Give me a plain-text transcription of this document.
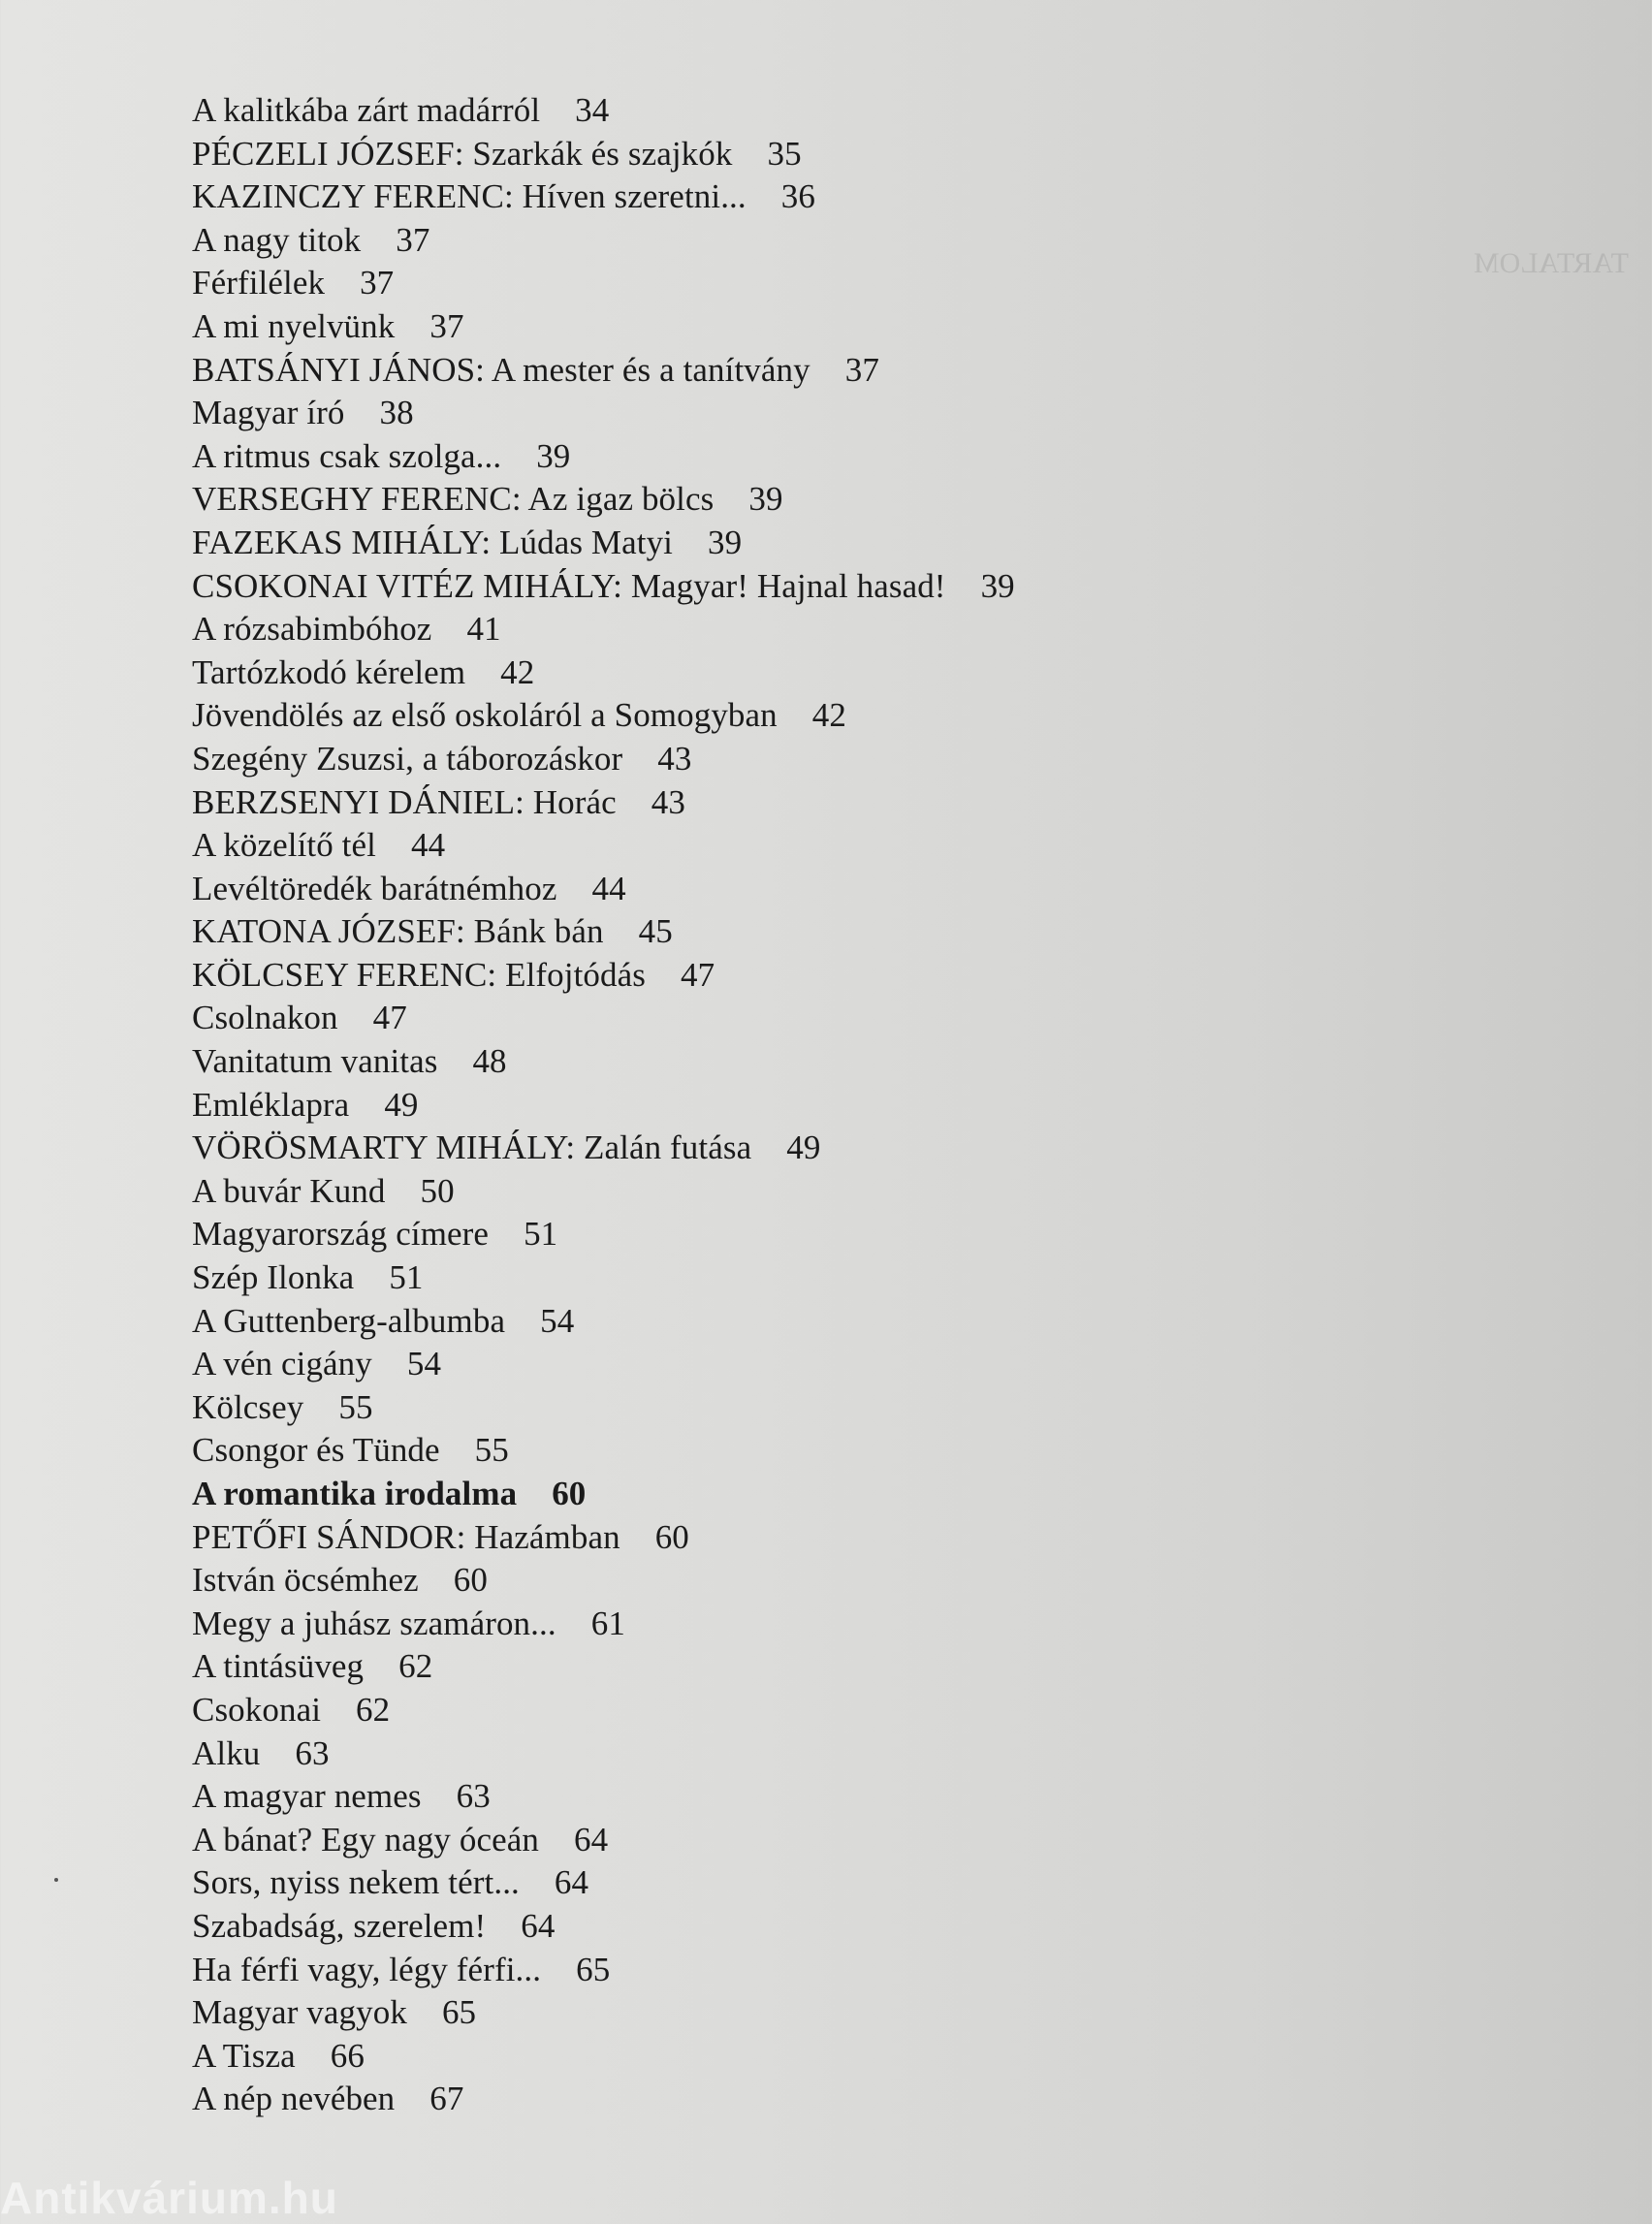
TARTALOM
A kalitkába zárt madárról 34
PÉCZELI JÓZSEF: Szarkák és szajkók 35
KAZINCZY FERENC: Híven szeretni... 36
A nagy titok 37
Férfilélek 37
A mi nyelvünk 37
BATSÁNYI JÁNOS: A mester és a tanítvány 37
Magyar író 38
A ritmus csak szolga... 39
VERSEGHY FERENC: Az igaz bölcs 39
FAZEKAS MIHÁLY: Lúdas Matyi 39
CSOKONAI VITÉZ MIHÁLY: Magyar! Hajnal hasad! 39
A rózsabimbóhoz 41
Tartózkodó kérelem 42
Jövendölés az első oskoláról a Somogyban 42
Szegény Zsuzsi, a táborozáskor 43
BERZSENYI DÁNIEL: Horác 43
A közelítő tél 44
Levéltöredék barátnémhoz 44
KATONA JÓZSEF: Bánk bán 45
KÖLCSEY FERENC: Elfojtódás 47
Csolnakon 47
Vanitatum vanitas 48
Emléklapra 49
VÖRÖSMARTY MIHÁLY: Zalán futása 49
A buvár Kund 50
Magyarország címere 51
Szép Ilonka 51
A Guttenberg-albumba 54
A vén cigány 54
Kölcsey 55
Csongor és Tünde 55
A romantika irodalma 60
PETŐFI SÁNDOR: Hazámban 60
István öcsémhez 60
Megy a juhász szamáron... 61
A tintásüveg 62
Csokonai 62
Alku 63
A magyar nemes 63
A bánat? Egy nagy óceán 64
Sors, nyiss nekem tért... 64
Szabadság, szerelem! 64
Ha férfi vagy, légy férfi... 65
Magyar vagyok 65
A Tisza 66
A nép nevében 67
Antikvárium.hu
